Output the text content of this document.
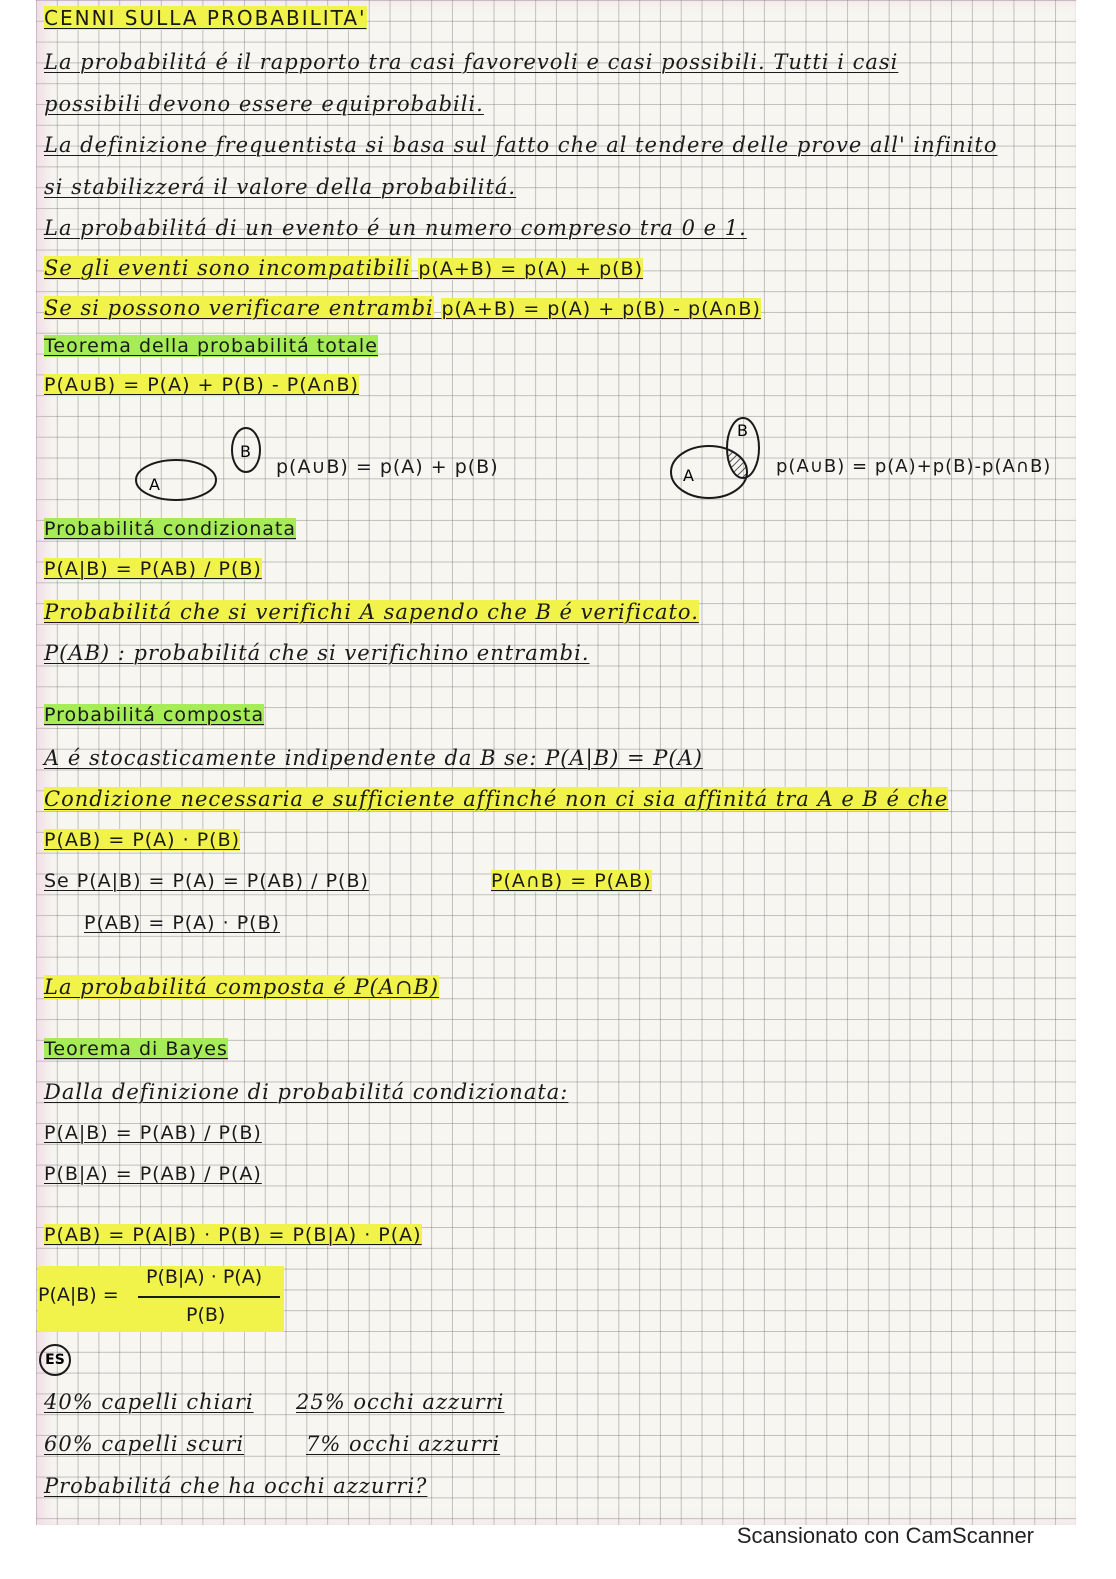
CENNI SULLA PROBABILITA'
La probabilitá é il rapporto tra casi favorevoli e casi possibili. Tutti i casi
possibili devono essere equiprobabili.
La definizione frequentista si basa sul fatto che al tendere delle prove all' infinito
si stabilizzerá il valore della probabilitá.
La probabilitá di un evento é un numero compreso tra 0 e 1.
Se gli eventi sono incompatibili p(A+B) = p(A) + p(B)
Se si possono verificare entrambi p(A+B) = p(A) + p(B) - p(A∩B)
Teorema della probabilitá totale
P(A∪B) = P(A) + P(B) - P(A∩B)
A
B
p(A∪B) = p(A) + p(B)	A
B
p(A∪B) = p(A)+p(B)-p(A∩B)
Probabilitá condizionata
P(A|B) = P(AB) / P(B)
Probabilitá che si verifichi A sapendo che B é verificato.
P(AB) : probabilitá che si verifichino entrambi.
Probabilitá composta
A é stocasticamente indipendente da B se: P(A|B) = P(A)
Condizione necessaria e sufficiente affinché non ci sia affinitá tra A e B é che
P(AB) = P(A) · P(B)
Se P(A|B) = P(A) = P(AB) / P(B)	P(A∩B) = P(AB)
P(AB) = P(A) · P(B)
La probabilitá composta é P(A∩B)
Teorema di Bayes
Dalla definizione di probabilitá condizionata:
P(A|B) = P(AB) / P(B)
P(B|A) = P(AB) / P(A)
P(AB) = P(A|B) · P(B) = P(B|A) · P(A)
P(A|B) =
P(B|A) · P(A)
P(B)
ES
40% capelli chiari 25% occhi azzurri
60% capelli scuri	7% occhi azzurri
Probabilitá che ha occhi azzurri?
Scansionato con CamScanner
